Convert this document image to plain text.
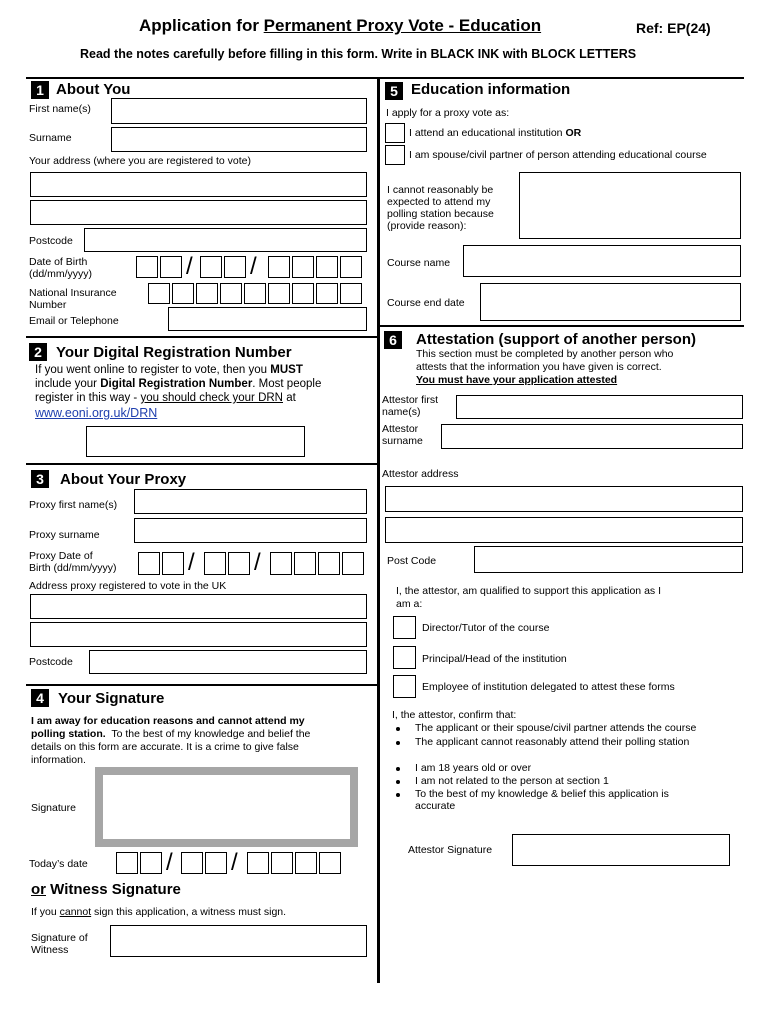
Application for Permanent Proxy Vote - Education	Ref: EP(24)
Read the notes carefully before filling in this form. Write in BLACK INK with BLOCK LETTERS
1 About You
First name(s)
Surname
Your address (where you are registered to vote)
Postcode
Date of Birth
(dd/mm/yyyy)	/ /
National Insurance
Number
Email or Telephone
2 Your Digital Registration Number
If you went online to register to vote, then you MUST
include your Digital Registration Number. Most people
register in this way - you should check your DRN at
www.eoni.org.uk/DRN
3	About Your Proxy
Proxy first name(s)
Proxy surname
Proxy Date of
Birth (dd/mm/yyyy)	/ /
Address proxy registered to vote in the UK
Postcode
4 Your Signature
I am away for education reasons and cannot attend my
polling station. To the best of my knowledge and belief the
details on this form are accurate. It is a crime to give false
information.
Signature
Today’s date	/ /
or Witness Signature
If you cannot sign this application, a witness must sign.
Signature of
Witness
5 Education information
I apply for a proxy vote as:
I attend an educational institution OR
I am spouse/civil partner of person attending educational course
I cannot reasonably be
expected to attend my
polling station because
(provide reason):
Course name
Course end date
6	Attestation (support of another person)
This section must be completed by another person who
attests that the information you have given is correct.
You must have your application attested
Attestor first
name(s)
Attestor
surname
Attestor address
Post Code
I, the attestor, am qualified to support this application as I
am a:
Director/Tutor of the course
Principal/Head of the institution
Employee of institution delegated to attest these forms
I, the attestor, confirm that:
The applicant or their spouse/civil partner attends the course
The applicant cannot reasonably attend their polling station
I am 18 years old or over
I am not related to the person at section 1
To the best of my knowledge & belief this application is
accurate
Attestor Signature
